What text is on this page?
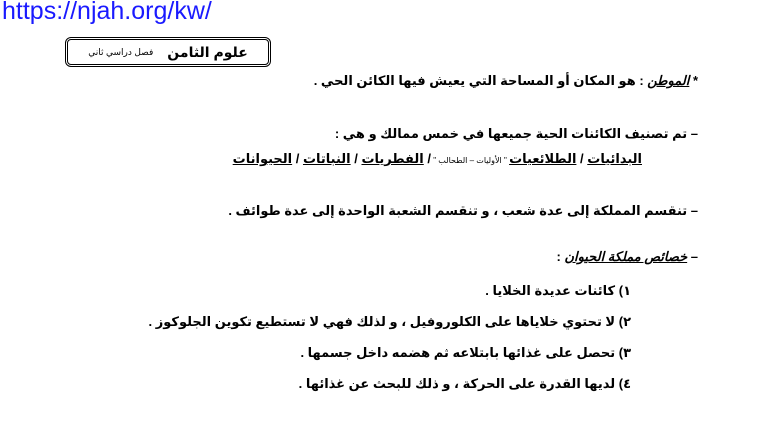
https://njah.org/kw/
علوم الثامن
فصل دراسي ثاني
* الموطن : هو المكان أو المساحة التي يعيش فيها الكائن الحي .
– تم تصنيف الكائنات الحية جميعها في خمس ممالك و هي :
البدائيات / الطلائعيات " الأوليات – الطحالب " / الفطريات / النباتات / الحيوانات
– تنقسم المملكة إلى عدة شعب ، و تنقسم الشعبة الواحدة إلى عدة طوائف .
– خصائص مملكة الحيوان :
١) كائنات عديدة الخلايا .
٢) لا تحتوي خلاياها على الكلوروفيل ، و لذلك فهي لا تستطيع تكوين الجلوكوز .
٣) تحصل على غذائها بابتلاعه ثم هضمه داخل جسمها .
٤) لديها القدرة على الحركة ، و ذلك للبحث عن غذائها .
